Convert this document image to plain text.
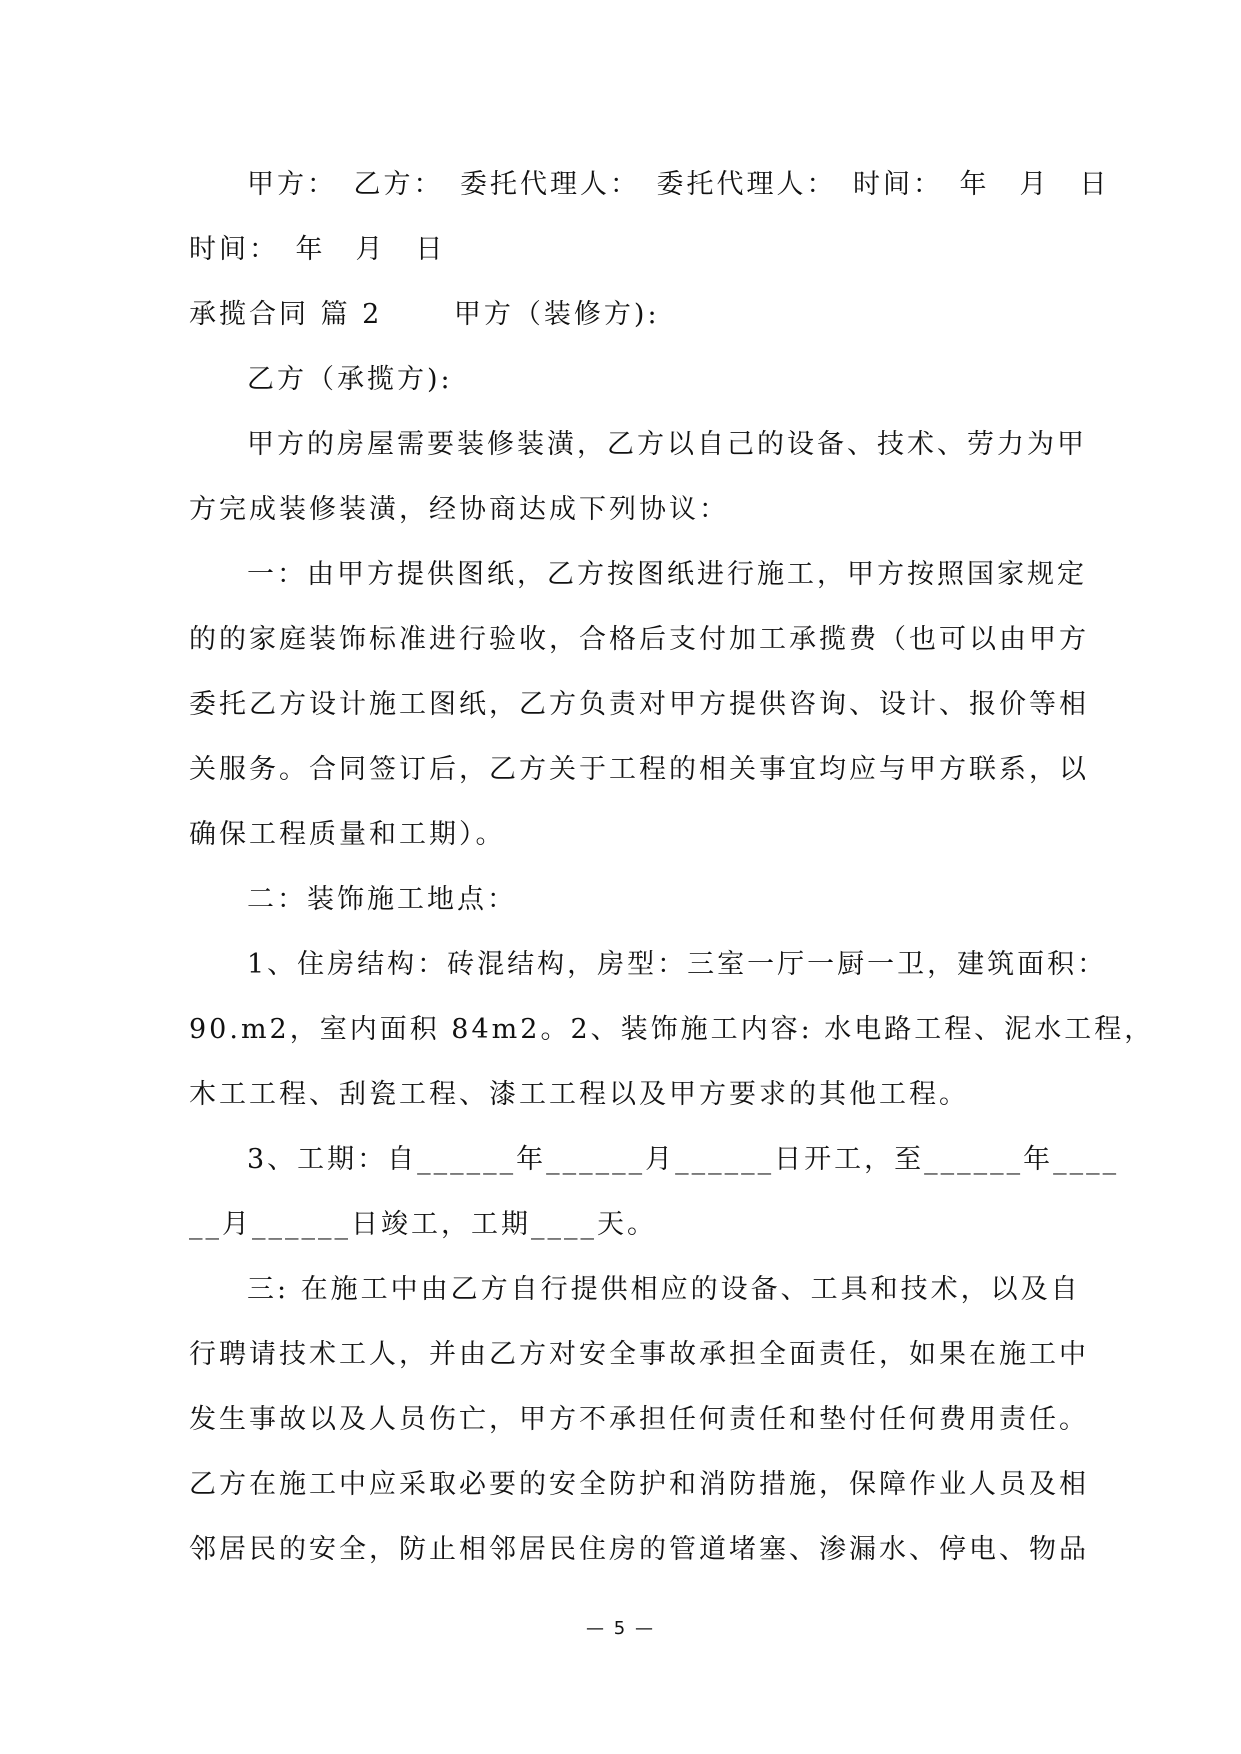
甲方：　乙方：　委托代理人：　委托代理人：　时间：　年　月　日
时间：　年　月　日
承揽合同 篇 2　　 甲方（装修方):
乙方（承揽方):
甲方的房屋需要装修装潢，乙方以自己的设备、技术、劳力为甲
方完成装修装潢，经协商达成下列协议：
一：由甲方提供图纸，乙方按图纸进行施工，甲方按照国家规定
的的家庭装饰标准进行验收，合格后支付加工承揽费（也可以由甲方
委托乙方设计施工图纸，乙方负责对甲方提供咨询、设计、报价等相
关服务。合同签订后，乙方关于工程的相关事宜均应与甲方联系，以
确保工程质量和工期）。
二：装饰施工地点：
1、住房结构：砖混结构，房型：三室一厅一厨一卫，建筑面积：
90.m2，室内面积 84m2。2、装饰施工内容: 水电路工程、泥水工程，
木工工程、刮瓷工程、漆工工程以及甲方要求的其他工程。
3、工期：自______年______月______日开工，至______年____
__月______日竣工，工期____天。
三: 在施工中由乙方自行提供相应的设备、工具和技术，以及自
行聘请技术工人，并由乙方对安全事故承担全面责任，如果在施工中
发生事故以及人员伤亡，甲方不承担任何责任和垫付任何费用责任。
乙方在施工中应采取必要的安全防护和消防措施，保障作业人员及相
邻居民的安全，防止相邻居民住房的管道堵塞、渗漏水、停电、物品
— 5 —
